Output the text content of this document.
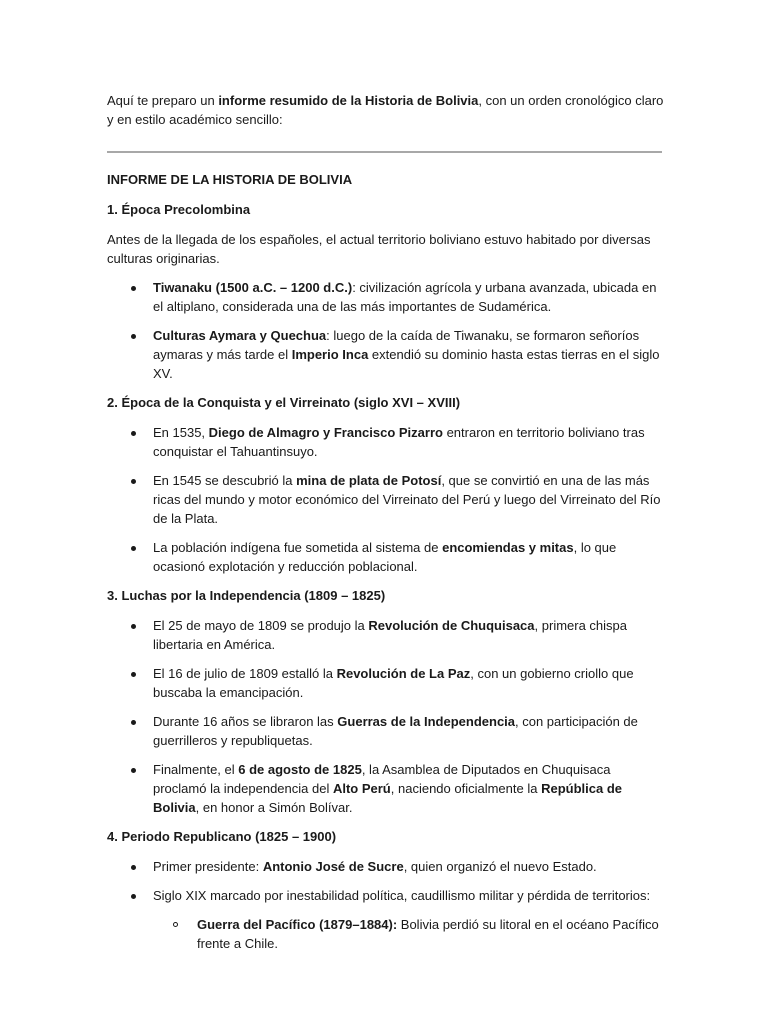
Aquí te preparo un informe resumido de la Historia de Bolivia, con un orden cronológico claro y en estilo académico sencillo:

INFORME DE LA HISTORIA DE BOLIVIA

1. Época Precolombina

Antes de la llegada de los españoles, el actual territorio boliviano estuvo habitado por diversas culturas originarias.

Tiwanaku (1500 a.C. – 1200 d.C.): civilización agrícola y urbana avanzada, ubicada en el altiplano, considerada una de las más importantes de Sudamérica.
Culturas Aymara y Quechua: luego de la caída de Tiwanaku, se formaron señoríos aymaras y más tarde el Imperio Inca extendió su dominio hasta estas tierras en el siglo XV.

2. Época de la Conquista y el Virreinato (siglo XVI – XVIII)

En 1535, Diego de Almagro y Francisco Pizarro entraron en territorio boliviano tras conquistar el Tahuantinsuyo.
En 1545 se descubrió la mina de plata de Potosí, que se convirtió en una de las más ricas del mundo y motor económico del Virreinato del Perú y luego del Virreinato del Río de la Plata.
La población indígena fue sometida al sistema de encomiendas y mitas, lo que ocasionó explotación y reducción poblacional.

3. Luchas por la Independencia (1809 – 1825)

El 25 de mayo de 1809 se produjo la Revolución de Chuquisaca, primera chispa libertaria en América.
El 16 de julio de 1809 estalló la Revolución de La Paz, con un gobierno criollo que buscaba la emancipación.
Durante 16 años se libraron las Guerras de la Independencia, con participación de guerrilleros y republiquetas.
Finalmente, el 6 de agosto de 1825, la Asamblea de Diputados en Chuquisaca proclamó la independencia del Alto Perú, naciendo oficialmente la República de Bolivia, en honor a Simón Bolívar.

4. Periodo Republicano (1825 – 1900)

Primer presidente: Antonio José de Sucre, quien organizó el nuevo Estado.
Siglo XIX marcado por inestabilidad política, caudillismo militar y pérdida de territorios:
Guerra del Pacífico (1879–1884): Bolivia perdió su litoral en el océano Pacífico frente a Chile.
